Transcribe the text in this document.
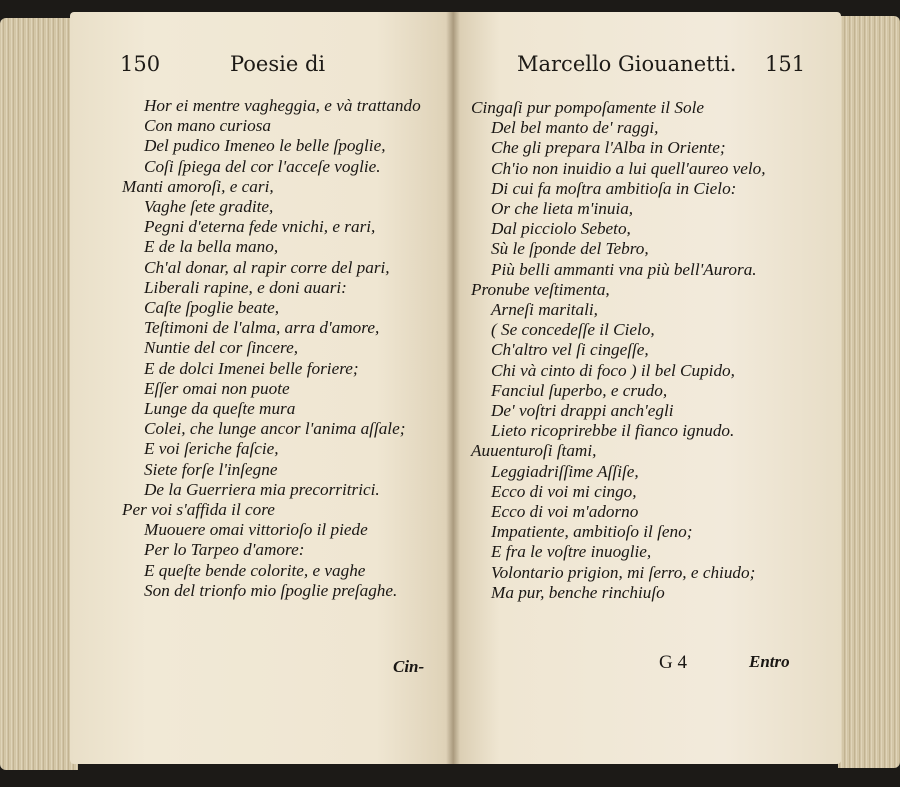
150	Poesie di
Hor ei mentre vagheggia, e và trattando
Con mano curiosa
Del pudico Imeneo le belle ſpoglie,
Coſi ſpiega del cor l'acceſe voglie.
Manti amoroſi, e cari,
Vaghe ſete gradite,
Pegni d'eterna fede vnichi, e rari,
E de la bella mano,
Ch'al donar, al rapir corre del pari,
Liberali rapine, e doni auari:
Caſte ſpoglie beate,
Teſtimoni de l'alma, arra d'amore,
Nuntie del cor ſincere,
E de dolci Imenei belle foriere;
Eſſer omai non puote
Lunge da queſte mura
Colei, che lunge ancor l'anima aſſale;
E voi ſeriche faſcie,
Siete forſe l'inſegne
De la Guerriera mia precorritrici.
Per voi s'affida il core
Muouere omai vittorioſo il piede
Per lo Tarpeo d'amore:
E queſte bende colorite, e vaghe
Son del trionfo mio ſpoglie preſaghe.
Cin-
Marcello Giouanetti. 151
Cingaſi pur pompoſamente il Sole
Del bel manto de' raggi,
Che gli prepara l'Alba in Oriente;
Ch'io non inuidio a lui quell'aureo velo,
Di cui fa moſtra ambitioſa in Cielo:
Or che lieta m'inuia,
Dal picciolo Sebeto,
Sù le ſponde del Tebro,
Più belli ammanti vna più bell'Aurora.
Pronube veſtimenta,
Arneſi maritali,
( Se concedeſſe il Cielo,
Ch'altro vel ſi cingeſſe,
Chi và cinto di foco ) il bel Cupido,
Fanciul ſuperbo, e crudo,
De' voſtri drappi anch'egli
Lieto ricoprirebbe il fianco ignudo.
Auuenturoſi ſtami,
Leggiadriſſime Aſſiſe,
Ecco di voi mi cingo,
Ecco di voi m'adorno
Impatiente, ambitioſo il ſeno;
E fra le voſtre inuoglie,
Volontario prigion, mi ſerro, e chiudo;
Ma pur, benche rinchiuſo
G 4	Entro
